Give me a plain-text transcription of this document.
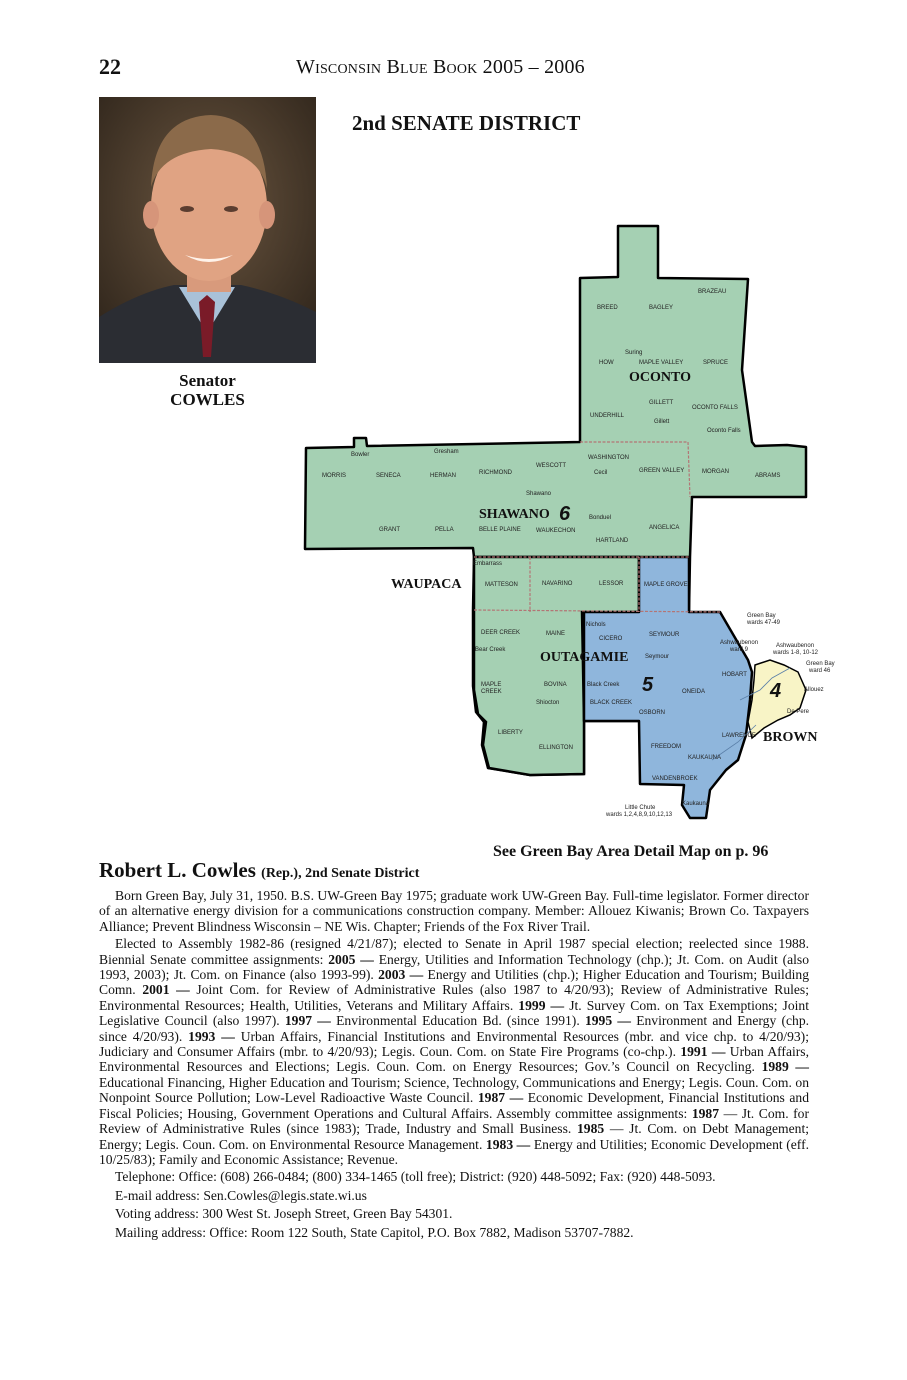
22	Wisconsin Blue Book 2005 – 2006
Senator
COWLES
2nd SENATE DISTRICT
BRAZEAU
BREED	BAGLEY
Suring
HOW	MAPLE VALLEY	SPRUCE
GILLETT
OCONTO FALLS
UNDERHILL
Gillett
Oconto Falls
Bowler	Gresham
WASHINGTON
MORRIS	SENECA	HERMAN	RICHMOND
WESCOTT
Cecil	GREEN VALLEY	MORGAN
ABRAMS
Shawano
Bonduel
GRANT	PELLA	BELLE PLAINE	WAUKECHON	ANGELICA
HARTLAND
Embarrass
MATTESON	NAVARINO	LESSOR	MAPLE GROVE
Green Bay
wards 47-49
Nichols
DEER CREEK	MAINE
CICERO
SEYMOUR
Ashwaubenon
ward 9
Ashwaubenon
wards 1-8, 10-12
Bear Creek
Seymour
Green Bay
ward 46
HOBART
MAPLE
CREEK
BOVINA	Black Creek
ONEIDA	Allouez
Shiocton	BLACK CREEK
OSBORN	De Pere
LIBERTY	LAWRENCE
ELLINGTON	FREEDOM
KAUKAUNA
VANDENBROEK
Kaukauna
Little Chute
wards 1,2,4,8,9,10,12,13
OCONTO
SHAWANO
WAUPACA
OUTAGAMIE
BROWN
6
5	4
See Green Bay Area Detail Map on p. 96
Robert L. Cowles (Rep.), 2nd Senate District

Born Green Bay, July 31, 1950. B.S. UW-Green Bay 1975; graduate work UW-Green Bay. Full-time legislator. Former director of an alternative energy division for a communications construction company. Member: Allouez Kiwanis; Brown Co. Taxpayers Alliance; Prevent Blindness Wisconsin – NE Wis. Chapter; Friends of the Fox River Trail.

Elected to Assembly 1982-86 (resigned 4/21/87); elected to Senate in April 1987 special election; reelected since 1988. Biennial Senate committee assignments: 2005 — Energy, Utilities and Information Technology (chp.); Jt. Com. on Audit (also 1993, 2003); Jt. Com. on Finance (also 1993-99). 2003 — Energy and Utilities (chp.); Higher Education and Tourism; Building Comn. 2001 — Joint Com. for Review of Administrative Rules (also 1987 to 4/20/93); Review of Administrative Rules; Environmental Resources; Health, Utilities, Veterans and Military Affairs. 1999 — Jt. Survey Com. on Tax Exemptions; Joint Legislative Council (also 1997). 1997 — Environmental Education Bd. (since 1991). 1995 — Environment and Energy (chp. since 4/20/93). 1993 — Urban Affairs, Financial Institutions and Environmental Resources (mbr. and vice chp. to 4/20/93); Judiciary and Consumer Affairs (mbr. to 4/20/93); Legis. Coun. Com. on State Fire Programs (co-chp.). 1991 — Urban Affairs, Environmental Resources and Elections; Legis. Coun. Com. on Energy Resources; Gov.’s Council on Recycling. 1989 — Educational Financing, Higher Education and Tourism; Science, Technology, Communications and Energy; Legis. Coun. Com. on Nonpoint Source Pollution; Low-Level Radioactive Waste Council. 1987 — Economic Development, Financial Institutions and Fiscal Policies; Housing, Government Operations and Cultural Affairs. Assembly committee assignments: 1987 — Jt. Com. for Review of Administrative Rules (since 1983); Trade, Industry and Small Business. 1985 — Jt. Com. on Debt Management; Energy; Legis. Coun. Com. on Environmental Resource Management. 1983 — Energy and Utilities; Economic Development (eff. 10/25/83); Family and Economic Assistance; Revenue.

Telephone: Office: (608) 266-0484; (800) 334-1465 (toll free); District: (920) 448-5092; Fax: (920) 448-5093.

E-mail address: Sen.Cowles@legis.state.wi.us

Voting address: 300 West St. Joseph Street, Green Bay 54301.

Mailing address: Office: Room 122 South, State Capitol, P.O. Box 7882, Madison 53707-7882.
